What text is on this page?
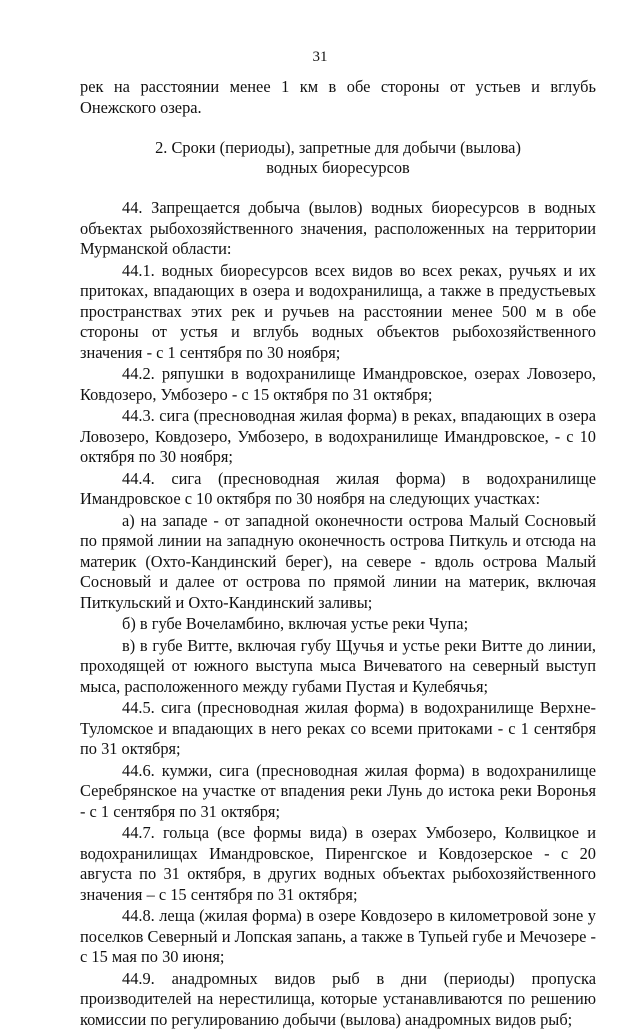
31

рек на расстоянии менее 1 км в обе стороны от устьев и вглубь Онежского озера.

2. Сроки (периоды), запретные для добычи (вылова)
водных биоресурсов

44. Запрещается добыча (вылов) водных биоресурсов в водных объектах рыбохозяйственного значения, расположенных на территории Мурманской области:

44.1. водных биоресурсов всех видов во всех реках, ручьях и их притоках, впадающих в озера и водохранилища, а также в предустьевых пространствах этих рек и ручьев на расстоянии менее 500 м в обе стороны от устья и вглубь водных объектов рыбохозяйственного значения - с 1 сентября по 30 ноября;

44.2. ряпушки в водохранилище Имандровское, озерах Ловозеро, Ковдозеро, Умбозеро - с 15 октября по 31 октября;

44.3. сига (пресноводная жилая форма) в реках, впадающих в озера Ловозеро, Ковдозеро, Умбозеро, в водохранилище Имандровское, - с 10 октября по 30 ноября;

44.4. сига (пресноводная жилая форма) в водохранилище Имандровское с 10 октября по 30 ноября на следующих участках:

а) на западе - от западной оконечности острова Малый Сосновый по прямой линии на западную оконечность острова Питкуль и отсюда на материк (Охто-Кандинский берег), на севере - вдоль острова Малый Сосновый и далее от острова по прямой линии на материк, включая Питкульский и Охто-Кандинский заливы;

б) в губе Вочеламбино, включая устье реки Чупа;

в) в губе Витте, включая губу Щучья и устье реки Витте до линии, проходящей от южного выступа мыса Вичеватого на северный выступ мыса, расположенного между губами Пустая и Кулебячья;

44.5. сига (пресноводная жилая форма) в водохранилище Верхне-Туломское и впадающих в него реках со всеми притоками - с 1 сентября по 31 октября;

44.6. кумжи, сига (пресноводная жилая форма) в водохранилище Серебрянское на участке от впадения реки Лунь до истока реки Воронья - с 1 сентября по 31 октября;

44.7. гольца (все формы вида) в озерах Умбозеро, Колвицкое и водохранилищах Имандровское, Пиренгское и Ковдозерское - с 20 августа по 31 октября, в других водных объектах рыбохозяйственного значения – с 15 сентября по 31 октября;

44.8. леща (жилая форма) в озере Ковдозеро в километровой зоне у поселков Северный и Лопская запань, а также в Тупьей губе и Мечозере - с 15 мая по 30 июня;

44.9. анадромных видов рыб в дни (периоды) пропуска производителей на нерестилища, которые устанавливаются по решению комиссии по регулированию добычи (вылова) анадромных видов рыб;
